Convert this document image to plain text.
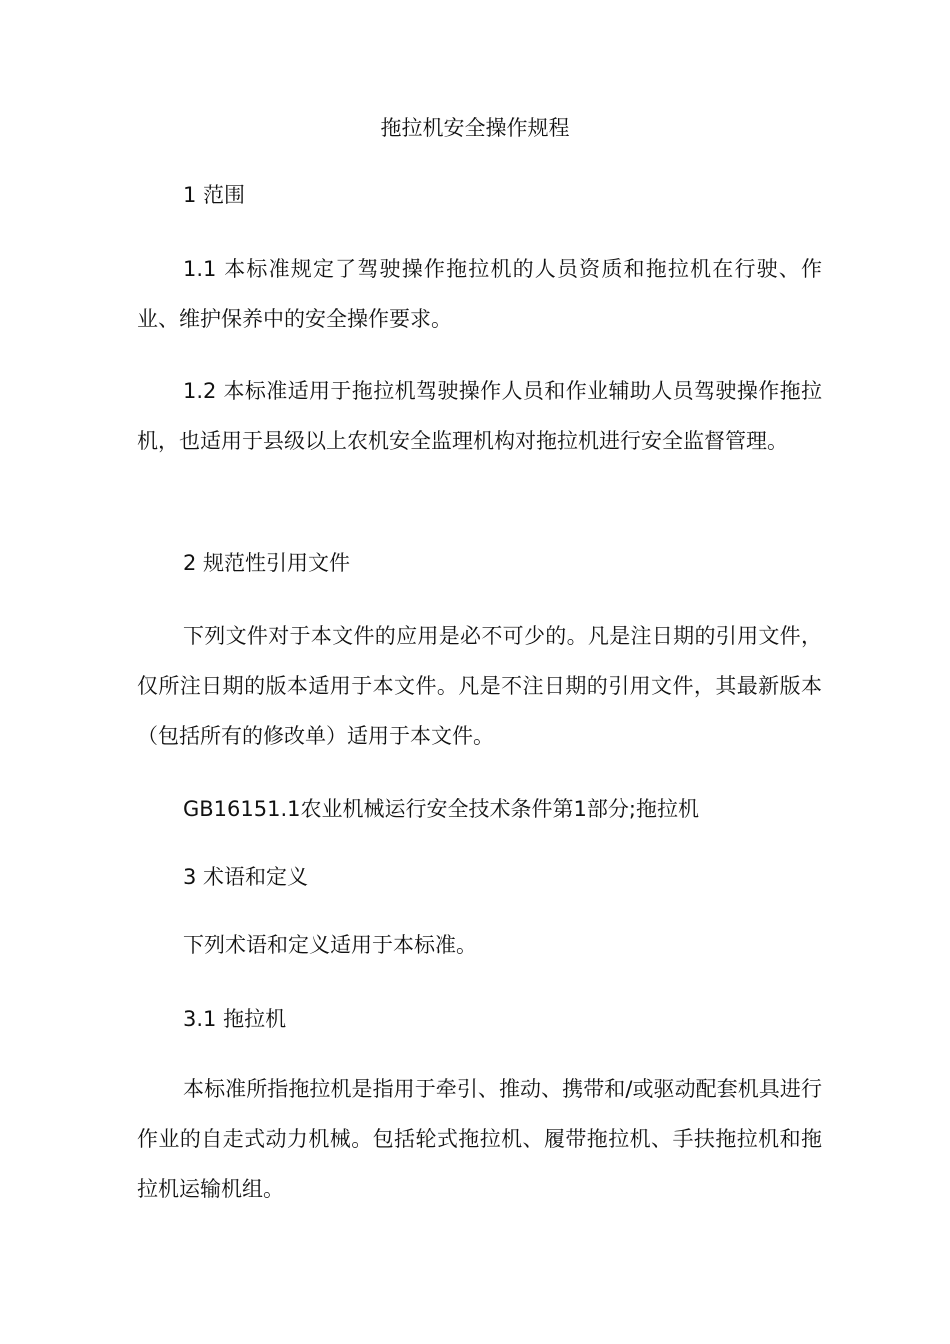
拖拉机安全操作规程

1 范围

1.1 本标准规定了驾驶操作拖拉机的人员资质和拖拉机在行驶、作业、维护保养中的安全操作要求。

1.2 本标准适用于拖拉机驾驶操作人员和作业辅助人员驾驶操作拖拉机，也适用于县级以上农机安全监理机构对拖拉机进行安全监督管理。

2 规范性引用文件

下列文件对于本文件的应用是必不可少的。凡是注日期的引用文件，仅所注日期的版本适用于本文件。凡是不注日期的引用文件，其最新版本（包括所有的修改单）适用于本文件。

GB16151.1农业机械运行安全技术条件第1部分;拖拉机

3 术语和定义

下列术语和定义适用于本标准。

3.1 拖拉机

本标准所指拖拉机是指用于牵引、推动、携带和/或驱动配套机具进行作业的自走式动力机械。包括轮式拖拉机、履带拖拉机、手扶拖拉机和拖拉机运输机组。
